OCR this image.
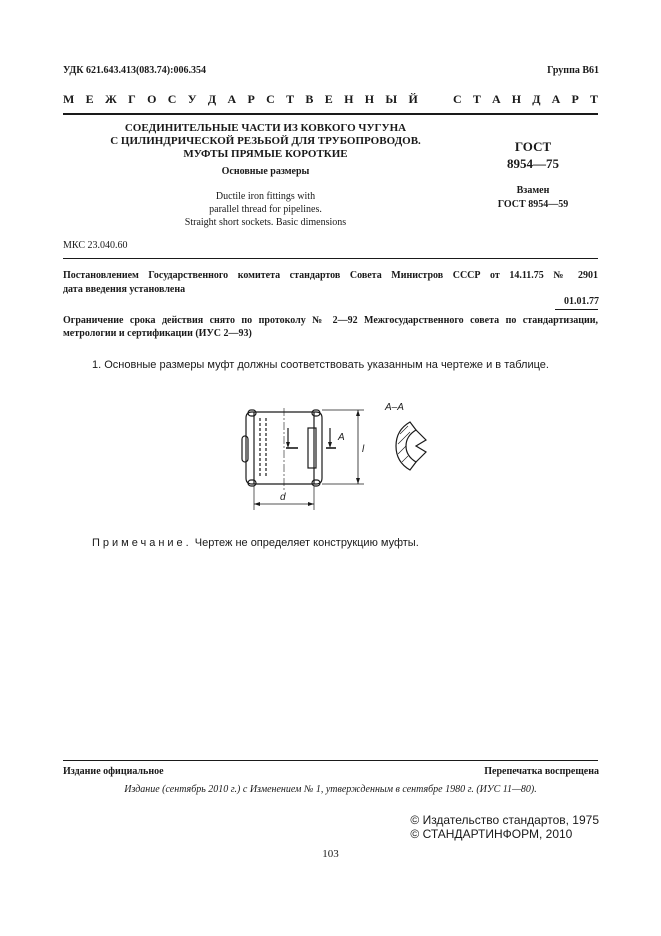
УДК 621.643.413(083.74):006.354	Группа В61
М Е Ж Г О С У Д А Р С Т В Е Н Н Ы Й	С Т А Н Д А Р Т
СОЕДИНИТЕЛЬНЫЕ ЧАСТИ ИЗ КОВКОГО ЧУГУНА
С ЦИЛИНДРИЧЕСКОЙ РЕЗЬБОЙ ДЛЯ ТРУБОПРОВОДОВ.
МУФТЫ ПРЯМЫЕ КОРОТКИЕ
Основные размеры
Ductile iron fittings with
parallel thread for pipelines.
Straight short sockets. Basic dimensions
ГОСТ
8954—75
Взамен
ГОСТ 8954—59
МКС 23.040.60
Постановлением Государственного комитета стандартов Совета Министров СССР от 14.11.75 № 2901
дата введения установлена
01.01.77
Ограничение срока действия снято по протоколу № 2—92 Межгосударственного совета по стандартизации,
метрологии и сертификации (ИУС 2—93)
1. Основные размеры муфт должны соответствовать указанным на чертеже и в таблице.
А–А
А
l
d
Примечание. Чертеж не определяет конструкцию муфты.
Издание официальное	Перепечатка воспрещена
Издание (сентябрь 2010 г.) с Изменением № 1, утвержденным в сентябре 1980 г. (ИУС 11—80).
© Издательство стандартов, 1975
© СТАНДАРТИНФОРМ, 2010
103
